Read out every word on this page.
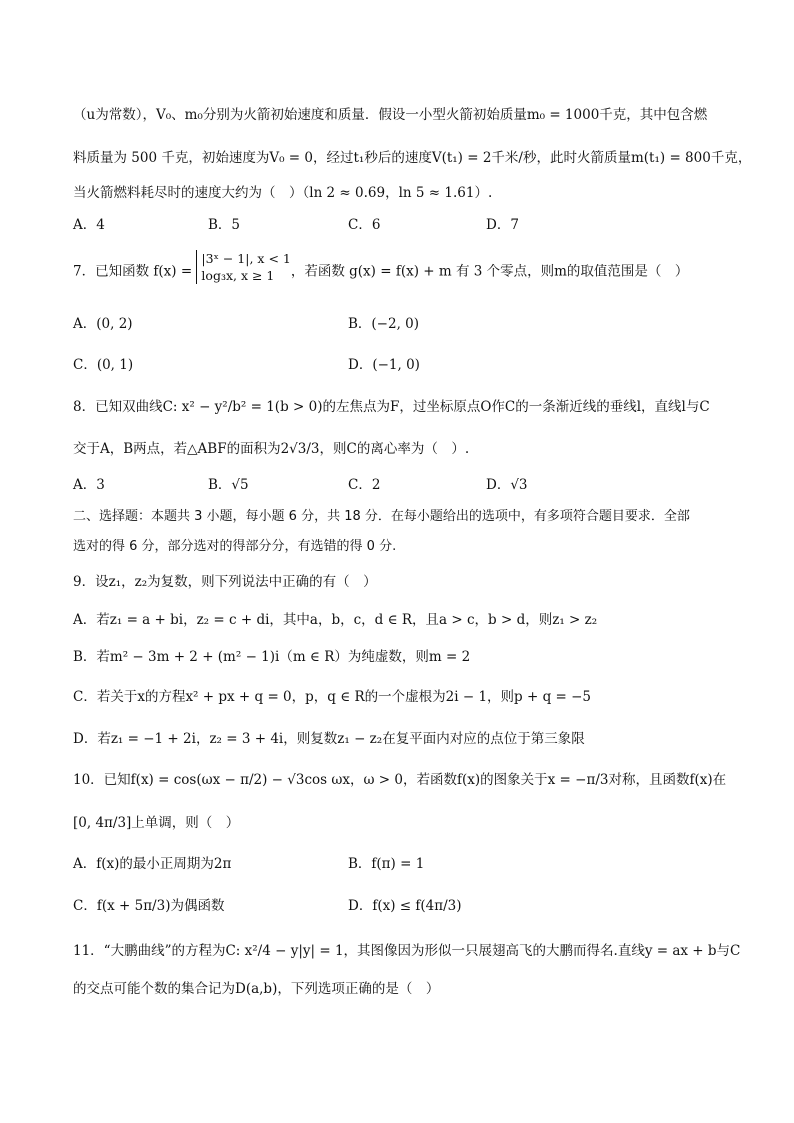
（u为常数），V₀、m₀分别为火箭初始速度和质量．假设一小型火箭初始质量m₀ = 1000千克，其中包含燃
料质量为 500 千克，初始速度为V₀ = 0，经过t₁秒后的速度V(t₁) = 2千米/秒，此时火箭质量m(t₁) = 800千克，
当火箭燃料耗尽时的速度大约为（　）（ln 2 ≈ 0.69，ln 5 ≈ 1.61）.
A．4	B．5	C．6	D．7
7．已知函数 f(x) =
|3ˣ − 1|, x < 1
log₃x, x ≥ 1	，若函数 g(x) = f(x) + m 有 3 个零点，则m的取值范围是（　）
A．(0, 2)	B．(−2, 0)
C．(0, 1)	D．(−1, 0)
8．已知双曲线C: x² − y²/b² = 1(b > 0)的左焦点为F，过坐标原点O作C的一条渐近线的垂线l，直线l与C
交于A，B两点，若△ABF的面积为2√3/3，则C的离心率为（　）.
A．3	B．√5	C．2	D．√3
二、选择题：本题共 3 小题，每小题 6 分，共 18 分．在每小题给出的选项中，有多项符合题目要求．全部
选对的得 6 分，部分选对的得部分分，有选错的得 0 分.
9．设z₁，z₂为复数，则下列说法中正确的有（　）
A．若z₁ = a + bi，z₂ = c + di，其中a，b，c，d ∈ R，且a > c，b > d，则z₁ > z₂
B．若m² − 3m + 2 + (m² − 1)i（m ∈ R）为纯虚数，则m = 2
C．若关于x的方程x² + px + q = 0，p，q ∈ R的一个虚根为2i − 1，则p + q = −5
D．若z₁ = −1 + 2i，z₂ = 3 + 4i，则复数z₁ − z₂在复平面内对应的点位于第三象限
10．已知f(x) = cos(ωx − π/2) − √3cos ωx，ω > 0，若函数f(x)的图象关于x = −π/3对称，且函数f(x)在
[0, 4π/3]上单调，则（　）
A．f(x)的最小正周期为2π	B．f(π) = 1
C．f(x + 5π/3)为偶函数	D．f(x) ≤ f(4π/3)
11．“大鹏曲线”的方程为C: x²/4 − y|y| = 1，其图像因为形似一只展翅高飞的大鹏而得名.直线y = ax + b与C
的交点可能个数的集合记为D(a,b)，下列选项正确的是（　）
